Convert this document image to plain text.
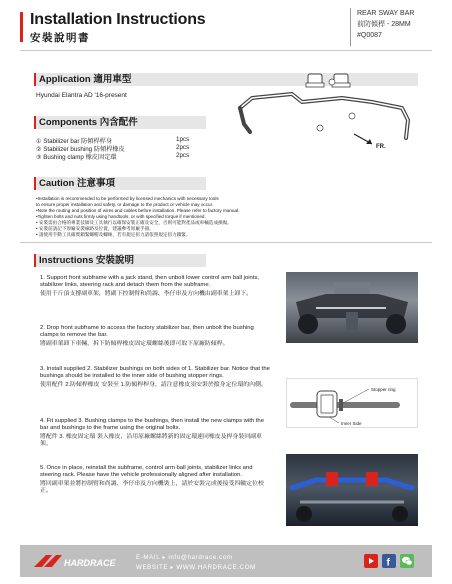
Installation Instructions
安裝說明書
REAR SWAY BAR
前防傾桿 - 28MM
#Q0087
Application 適用車型
Hyundai Elantra AD '16-present
Components 內含配件
① Stabilizer bar 防傾桿桿身	1pcs
② Stabilizer bushing 防傾桿橡皮	2pcs
③ Bushing clamp 橡皮固定環	2pcs
FR.
Caution 注意事項
•Installation is recommended to be performed by licensed mechanics with necessary tools
to ensure proper installation and safety, or damage to the product or vehicle may occur.
•Note the routing and position of wires and cables before installation. Please refer to factory manual.
•Tighten bolts and nuts firmly using handtools, or with specified torque if mentioned.
• 安裝需由合格的專業技師及工具執行以確保安裝正確及安全，否則可能對產品或車輛造成損傷。
• 安裝前請記下原廠安裝線路及位置，建議參考原廠手冊。
• 請使用手動工具確實鎖緊螺帽及螺絲，若有規定扭力請依照規定扭力鎖緊。
Instructions 安裝說明
1. Support front subframe with a jack stand, then unbolt lower control arm ball joints, stabilizer links, steering rack and detach them from the subframe.
使用千斤頂支撐副車架，將副下控制臂和尚調、李仔串及方向機由副車架上卸下。
2. Drop front subframe to access the factory stabilizer bar, then unbolt the bushing clamps to remove the bar.
將副車架卸下車輛，拆下防傾桿橡皮固定環螺絲後即可取下原廠防傾桿。
3. Install supplied 2. Stabilizer bushings on both sides of 1. Stabilizer bar. Notice that the bushings should be installed to the inner side of bushing stopper rings.
使用配件 2.防傾桿橡皮 安裝至 1.防傾桿桿身，請注意橡皮須安裝於擋身定位環的內側。
4. Fit supplied 3. Bushing clamps to the bushings, then install the new clamps with the bar and bushings to the frame using the original bolts.
將配件 3. 橡皮固定環 裝入橡皮，沿用原廠螺絲將新的固定環連同橡皮及桿身裝回副車架。
5. Once in place, reinstall the subframe, control arm ball joints, stabilizer links and steering rack. Please have the vehicle professionally aligned after installation.
將回副車架並將控制臂和尚調、李仔串及方向機裝上，請於安裝完成後接受四輪定位校正。
Stopper ring
Inner Side
HARDRACE
E-MAIL ▸ info@hardrace.com
WEBSITE ▸ WWW.HARDRACE.COM	f
